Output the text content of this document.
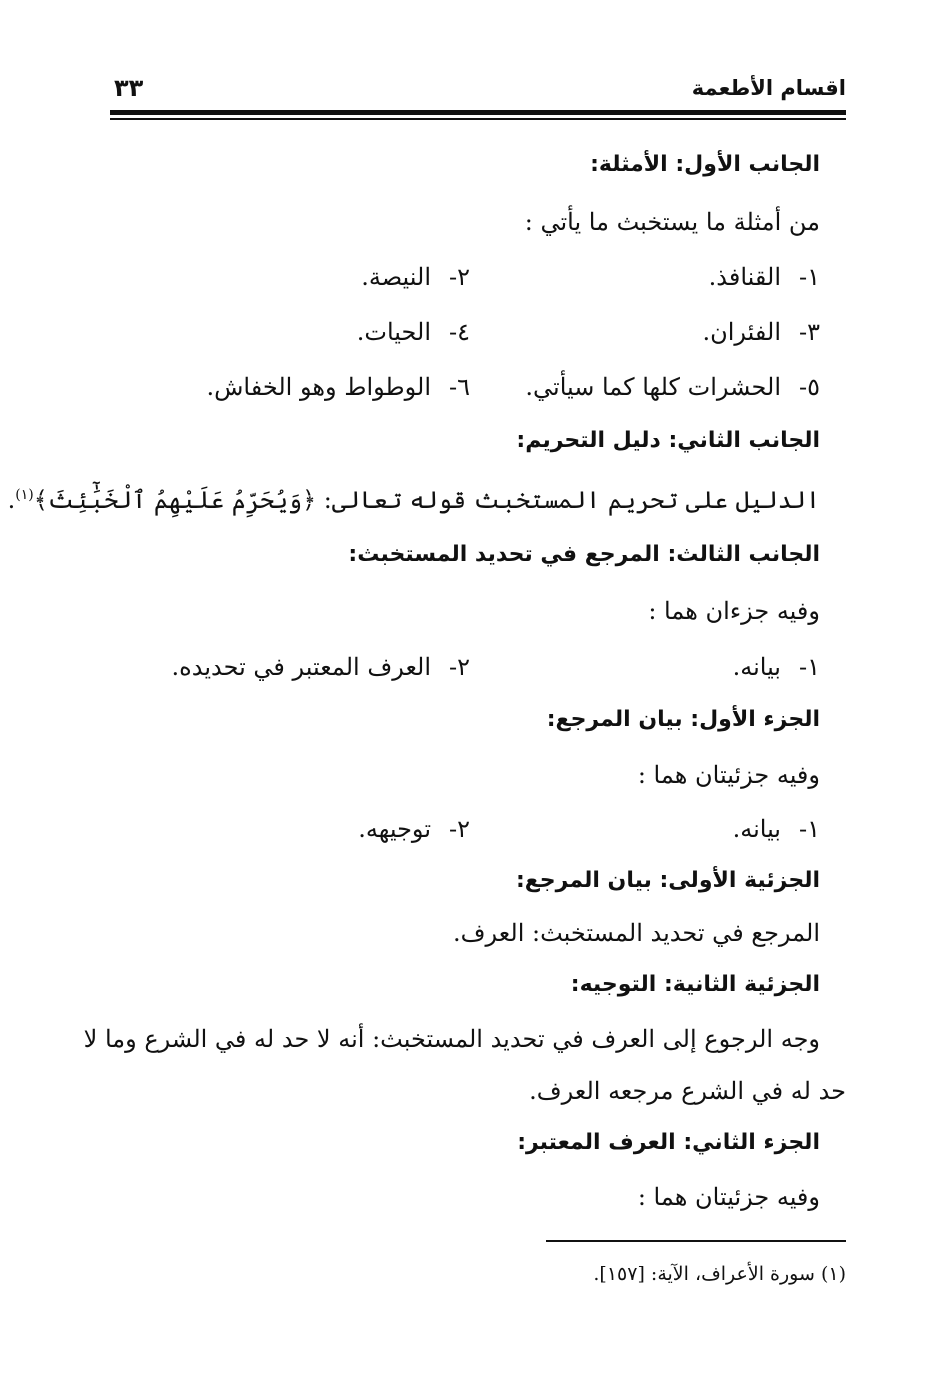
اقسام الأطعمة
٣٣
الجانب الأول: الأمثلة:
من أمثلة ما يستخبث ما يأتي :
١-القنافذ.
٢-النيصة.
٣-الفئران.
٤-الحيات.
٥-الحشرات كلها كما سيأتي.
٦-الوطواط وهو الخفاش.
الجانب الثاني: دليل التحريم:
الدليل على تحريم المستخبث قوله تعالى: ﴿وَيُحَرِّمُ عَلَيْهِمُ ٱلْخَبَٰٓئِثَ﴾$^{(١)}$.
الجانب الثالث: المرجع في تحديد المستخبث:
وفيه جزءان هما :
١-بيانه.
٢-العرف المعتبر في تحديده.
الجزء الأول: بيان المرجع:
وفيه جزئيتان هما :
١-بيانه.
٢-توجيهه.
الجزئية الأولى: بيان المرجع:
المرجع في تحديد المستخبث: العرف.
الجزئية الثانية: التوجيه:
وجه الرجوع إلى العرف في تحديد المستخبث: أنه لا حد له في الشرع وما لا
حد له في الشرع مرجعه العرف.
الجزء الثاني: العرف المعتبر:
وفيه جزئيتان هما :
(١) سورة الأعراف، الآية: [١٥٧].
